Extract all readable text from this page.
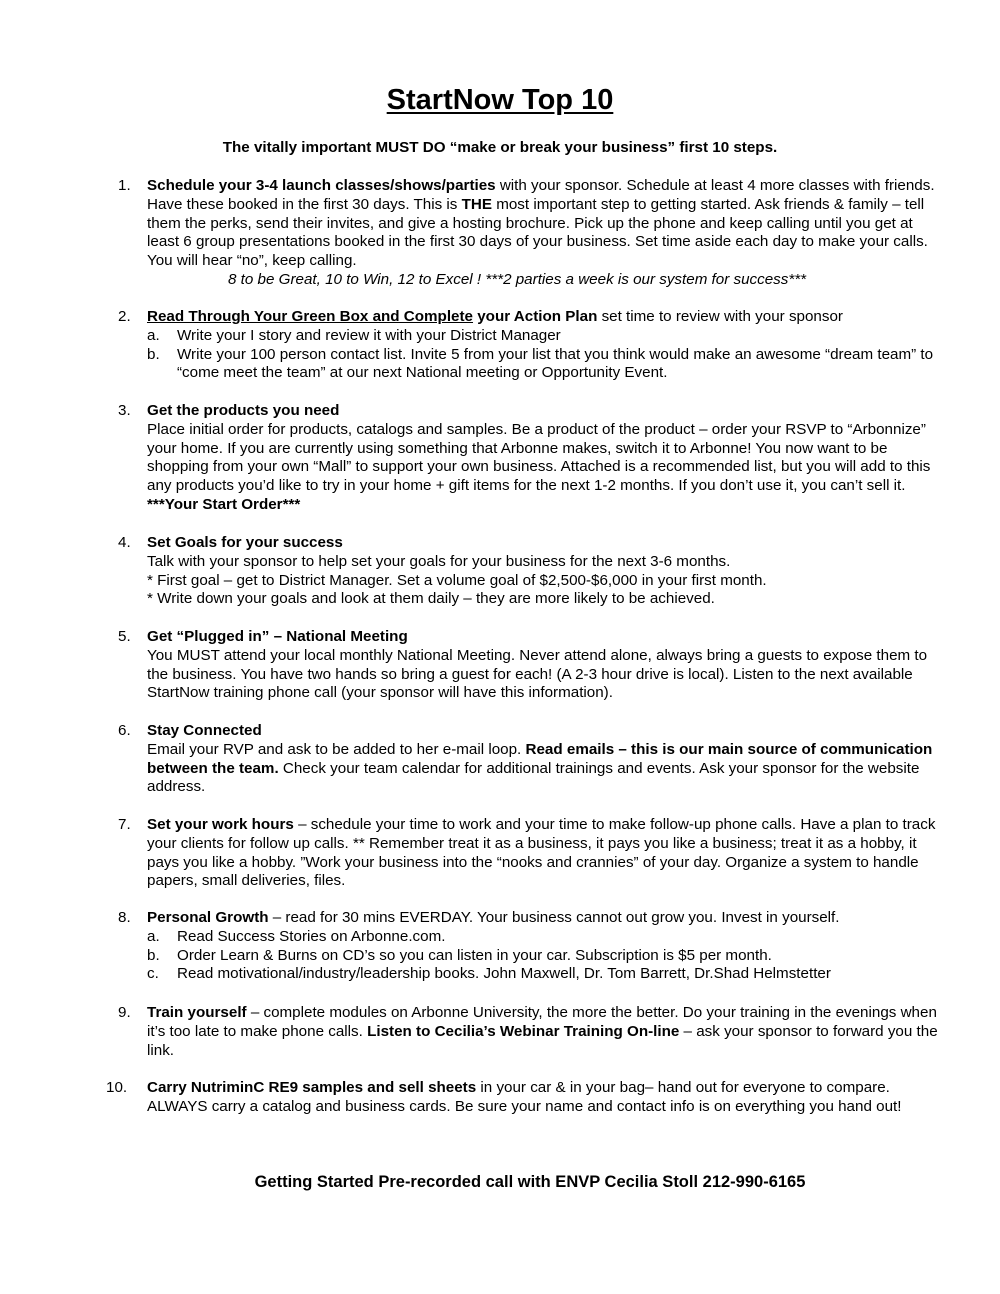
StartNow Top 10
The vitally important MUST DO “make or break your business” first 10 steps.
1.	Schedule your 3-4 launch classes/shows/parties with your sponsor. Schedule at least 4 more classes with friends. Have these booked in the first 30 days. This is THE most important step to getting started. Ask friends & family – tell them the perks, send their invites, and give a hosting brochure. Pick up the phone and keep calling until you get at least 6 group presentations booked in the first 30 days of your business. Set time aside each day to make your calls. You will hear “no”, keep calling.

8 to be Great, 10 to Win, 12 to Excel ! ***2 parties a week is our system for success***
2.	Read Through Your Green Box and Complete your Action Plan set time to review with your sponsor

a. Write your I story and review it with your District Manager
b. Write your 100 person contact list. Invite 5 from your list that you think would make an awesome “dream team” to “come meet the team” at our next National meeting or Opportunity Event.
3.	Get the products you need

Place initial order for products, catalogs and samples. Be a product of the product – order your RSVP to “Arbonnize” your home. If you are currently using something that Arbonne makes, switch it to Arbonne! You now want to be shopping from your own “Mall” to support your own business. Attached is a recommended list, but you will add to this any products you’d like to try in your home + gift items for the next 1-2 months. If you don’t use it, you can’t sell it. ***Your Start Order***

4.	Set Goals for your success

Talk with your sponsor to help set your goals for your business for the next 3-6 months.

* First goal – get to District Manager. Set a volume goal of $2,500-$6,000 in your first month.

* Write down your goals and look at them daily – they are more likely to be achieved.

5.	Get “Plugged in” – National Meeting

You MUST attend your local monthly National Meeting. Never attend alone, always bring a guests to expose them to the business. You have two hands so bring a guest for each! (A 2-3 hour drive is local). Listen to the next available StartNow training phone call (your sponsor will have this information).

6.	Stay Connected

Email your RVP and ask to be added to her e-mail loop. Read emails – this is our main source of communication between the team. Check your team calendar for additional trainings and events. Ask your sponsor for the website address.

7.	Set your work hours – schedule your time to work and your time to make follow-up phone calls. Have a plan to track your clients for follow up calls. ** Remember treat it as a business, it pays you like a business; treat it as a hobby, it pays you like a hobby. ”Work your business into the “nooks and crannies” of your day. Organize a system to handle papers, small deliveries, files.

8.	Personal Growth – read for 30 mins EVERDAY. Your business cannot out grow you. Invest in yourself.

a. Read Success Stories on Arbonne.com.
b. Order Learn & Burns on CD’s so you can listen in your car. Subscription is $5 per month.
c. Read motivational/industry/leadership books. John Maxwell, Dr. Tom Barrett, Dr.Shad Helmstetter
9.	Train yourself – complete modules on Arbonne University, the more the better. Do your training in the evenings when it’s too late to make phone calls. Listen to Cecilia’s Webinar Training On-line – ask your sponsor to forward you the link.

10.	Carry NutriminC RE9 samples and sell sheets in your car & in your bag– hand out for everyone to compare. ALWAYS carry a catalog and business cards. Be sure your name and contact info is on everything you hand out!

Getting Started Pre-recorded call with ENVP Cecilia Stoll 212-990-6165
